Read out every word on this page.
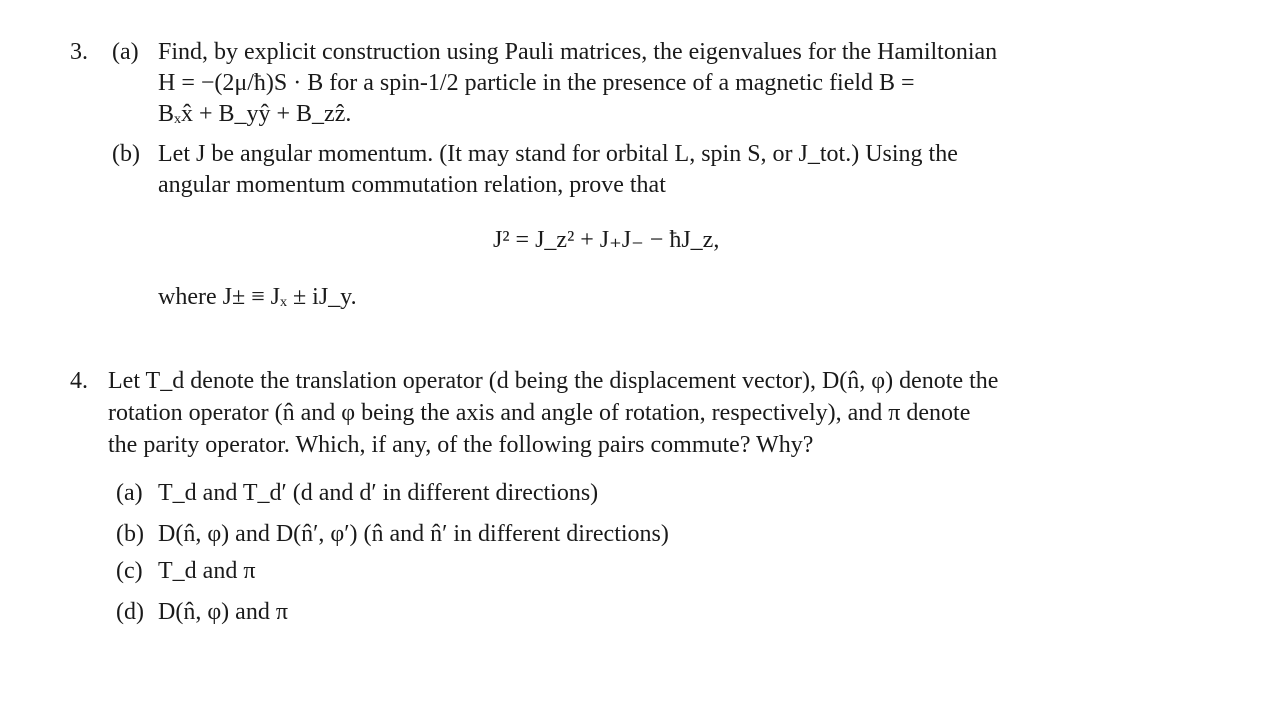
3. (a) Find, by explicit construction using Pauli matrices, the eigenvalues for the Hamiltonian
H = −(2μ/ħ)S · B for a spin-1/2 particle in the presence of a magnetic field B =
Bₓx̂ + B_yŷ + B_zẑ.
(b) Let J be angular momentum. (It may stand for orbital L, spin S, or J_tot.) Using the
angular momentum commutation relation, prove that
J² = J_z² + J₊J₋ − ħJ_z,
where J± ≡ Jₓ ± iJ_y.
4. Let T_d denote the translation operator (d being the displacement vector), D(n̂, φ) denote the
rotation operator (n̂ and φ being the axis and angle of rotation, respectively), and π denote
the parity operator. Which, if any, of the following pairs commute? Why?
(a) T_d and T_d′ (d and d′ in different directions)
(b) D(n̂, φ) and D(n̂′, φ′) (n̂ and n̂′ in different directions)
(c) T_d and π
(d) D(n̂, φ) and π
